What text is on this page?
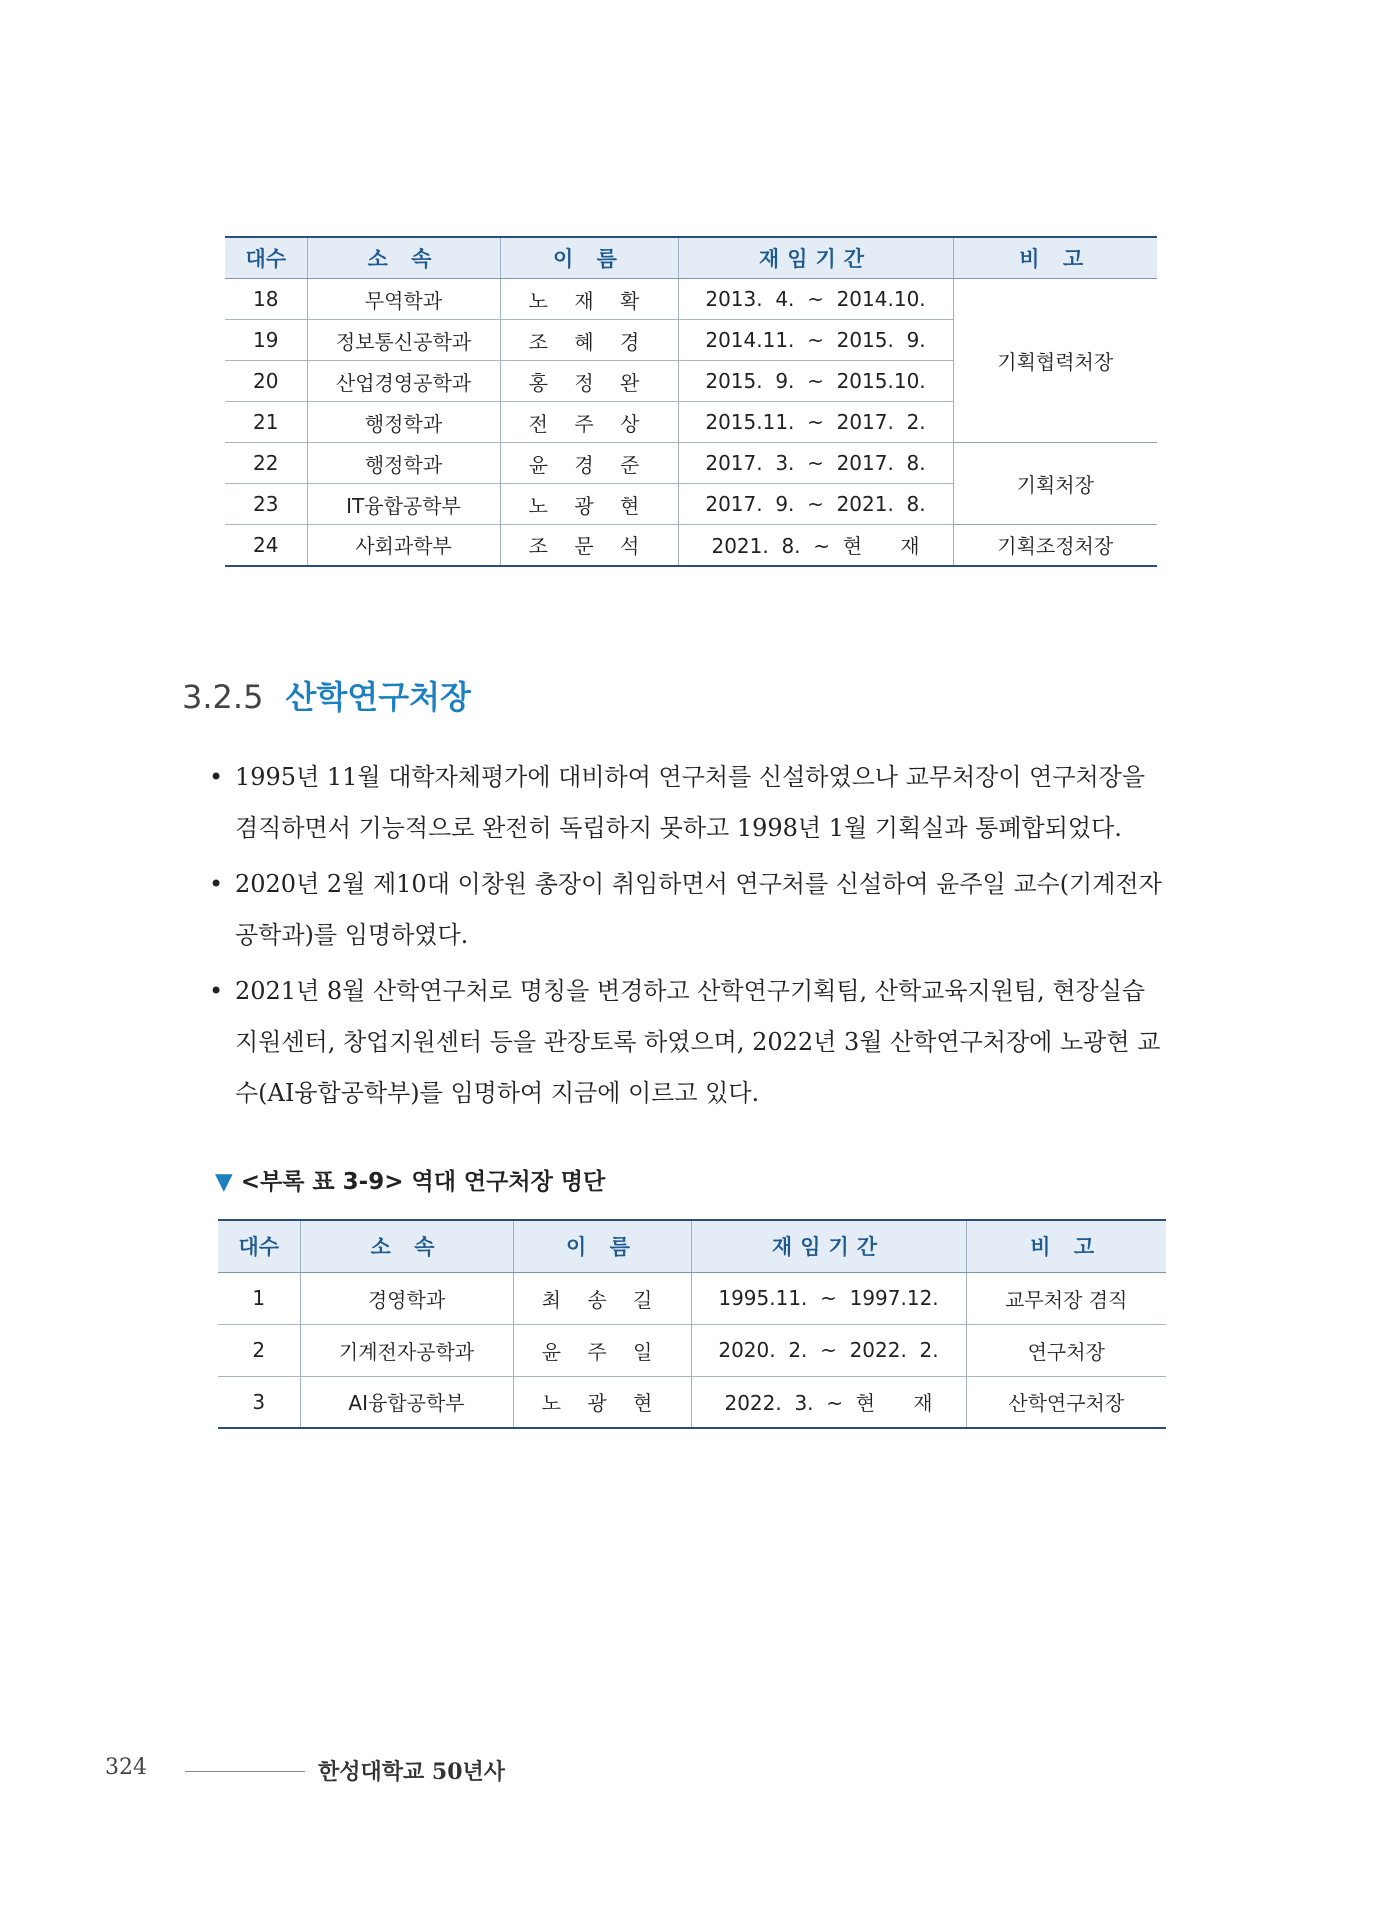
대수	소 속	이 름	재임기간	비 고
18	무역학과	노 재 확	2013.  4.  ~  2014.10.	기획협력처장
19	정보통신공학과	조 혜 경	2014.11.  ~  2015.  9.	
20	산업경영공학과	홍 정 완	2015.  9.  ~  2015.10.	
21	행정학과	전 주 상	2015.11.  ~  2017.  2.	
22	행정학과	윤 경 준	2017.  3.  ~  2017.  8.	기획처장
23	IT융합공학부	노 광 현	2017.  9.  ~  2021.  8.	
24	사회과학부	조 문 석	2021.  8.  ~  현      재	기획조정처장
3.2.5 산학연구처장
• 1995년 11월 대학자체평가에 대비하여 연구처를 신설하였으나 교무처장이 연구처장을 겸직하면서 기능적으로 완전히 독립하지 못하고 1998년 1월 기획실과 통폐합되었다.
• 2020년 2월 제10대 이창원 총장이 취임하면서 연구처를 신설하여 윤주일 교수(기계전자공학과)를 임명하였다.
• 2021년 8월 산학연구처로 명칭을 변경하고 산학연구기획팀, 산학교육지원팀, 현장실습지원센터, 창업지원센터 등을 관장토록 하였으며, 2022년 3월 산학연구처장에 노광현 교수(AI융합공학부)를 임명하여 지금에 이르고 있다.
▼ <부록 표 3-9> 역대 연구처장 명단
대수	소 속	이 름	재임기간	비 고
1	경영학과	최 송 길	1995.11.  ~  1997.12.	교무처장 겸직
2	기계전자공학과	윤 주 일	2020.  2.  ~  2022.  2.	연구처장
3	AI융합공학부	노 광 현	2022.  3.  ~  현      재	산학연구처장
324	한성대학교 50년사
